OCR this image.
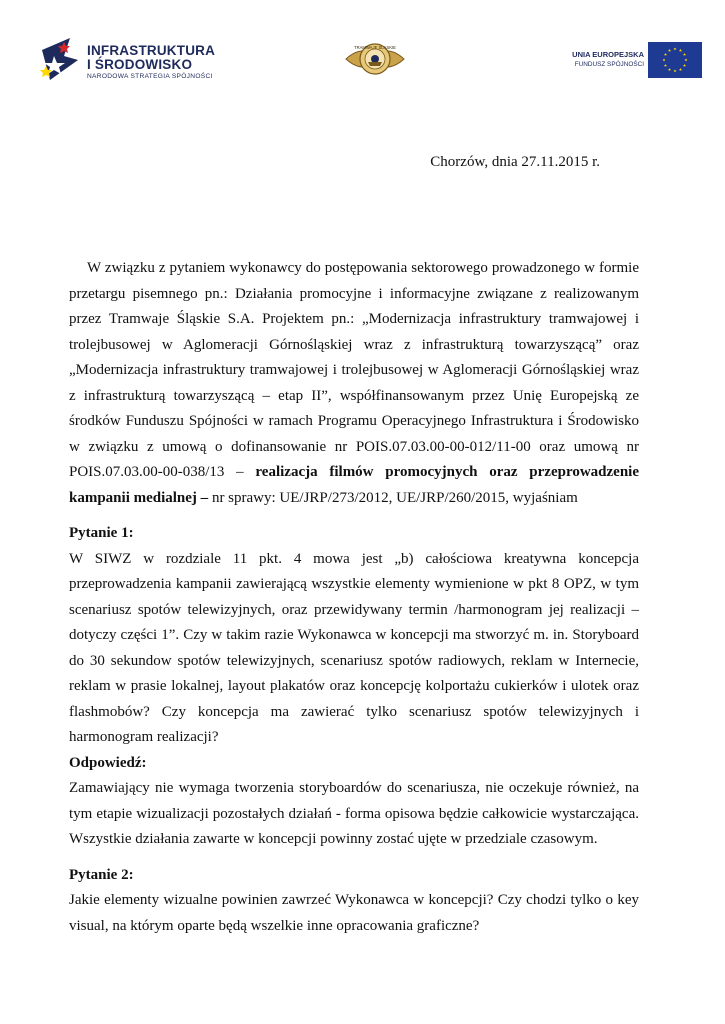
INFRASTRUKTURA
I ŚRODOWISKO
NARODOWA STRATEGIA SPÓJNOŚCI
TRAMWAJE ŚLĄSKIE
UNIA EUROPEJSKA
FUNDUSZ SPÓJNOŚCI
Chorzów, dnia 27.11.2015 r.

W związku z pytaniem wykonawcy do postępowania sektorowego prowadzonego w formie przetargu pisemnego pn.: Działania promocyjne i informacyjne związane z realizowanym przez Tramwaje Śląskie S.A. Projektem pn.: „Modernizacja infrastruktury tramwajowej i trolejbusowej w Aglomeracji Górnośląskiej wraz z infrastrukturą towarzyszącą” oraz „Modernizacja infrastruktury tramwajowej i trolejbusowej w Aglomeracji Górnośląskiej wraz z infrastrukturą towarzyszącą – etap II”, współfinansowanym przez Unię Europejską ze środków Funduszu Spójności w ramach Programu Operacyjnego Infrastruktura i Środowisko w związku z umową o dofinansowanie nr POIS.07.03.00-00-012/11-00 oraz umową nr POIS.07.03.00-00-038/13 – realizacja filmów promocyjnych oraz przeprowadzenie kampanii medialnej – nr sprawy: UE/JRP/273/2012, UE/JRP/260/2015, wyjaśniam

Pytanie 1:

W SIWZ w rozdziale 11 pkt. 4 mowa jest „b) całościowa kreatywna koncepcja przeprowadzenia kampanii zawierającą wszystkie elementy wymienione w pkt 8 OPZ, w tym scenariusz spotów telewizyjnych, oraz przewidywany termin /harmonogram jej realizacji – dotyczy części 1”. Czy w takim razie Wykonawca w koncepcji ma stworzyć m. in. Storyboard do 30 sekundow spotów telewizyjnych, scenariusz spotów radiowych, reklam w Internecie, reklam w prasie lokalnej, layout plakatów oraz koncepcję kolportażu cukierków i ulotek oraz flashmobów? Czy koncepcja ma zawierać tylko scenariusz spotów telewizyjnych i harmonogram realizacji?

Odpowiedź:

Zamawiający nie wymaga tworzenia storyboardów do scenariusza, nie oczekuje również, na tym etapie wizualizacji pozostałych działań - forma opisowa będzie całkowicie wystarczająca. Wszystkie działania zawarte w koncepcji powinny zostać ujęte w przedziale czasowym.

Pytanie 2:

Jakie elementy wizualne powinien zawrzeć Wykonawca w koncepcji? Czy chodzi tylko o key visual, na którym oparte będą wszelkie inne opracowania graficzne?
